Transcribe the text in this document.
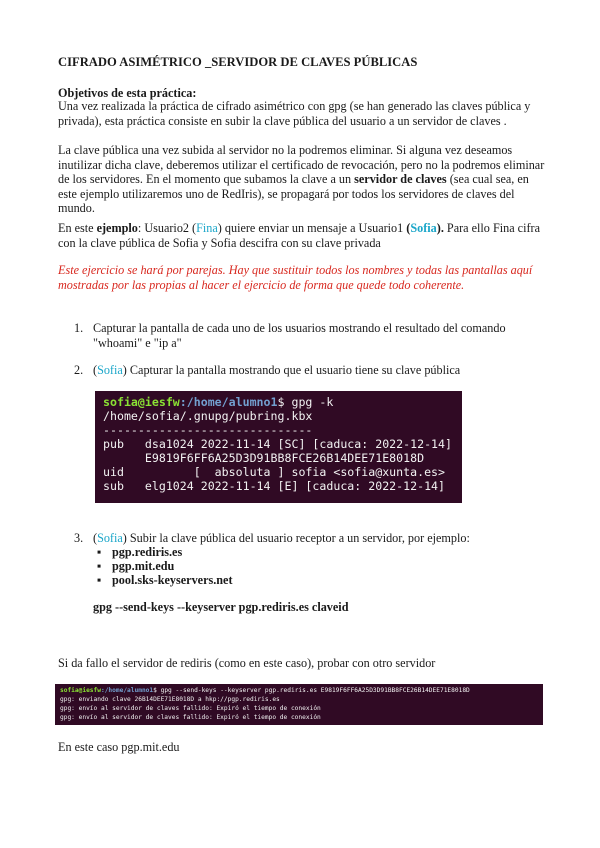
CIFRADO ASIMÉTRICO _SERVIDOR DE CLAVES PÚBLICAS
Objetivos de esta práctica:
Una vez realizada la práctica de cifrado asimétrico con gpg (se han generado las claves pública y privada), esta práctica consiste en subir la clave pública del usuario a un servidor de claves .
La clave pública una vez subida al servidor no la podremos eliminar. Si alguna vez deseamos inutilizar dicha clave, deberemos utilizar el certificado de revocación, pero no la podremos eliminar de los servidores. En el momento que subamos la clave a un servidor de claves (sea cual sea, en este ejemplo utilizaremos uno de RedIris), se propagará por todos los servidores de claves del mundo.
En este ejemplo: Usuario2 (Fina) quiere enviar un mensaje a Usuario1 (Sofia). Para ello Fina cifra con la clave pública de Sofia y Sofia descifra con su clave privada
Este ejercicio se hará por parejas. Hay que sustituir todos los nombres y todas las pantallas aquí mostradas por las propias al hacer el ejercicio de forma que quede todo coherente.
1. Capturar la pantalla de cada uno de los usuarios mostrando el resultado del comando "whoami" e "ip a"
2. (Sofia) Capturar la pantalla mostrando que el usuario tiene su clave pública
sofia@iesfw:/home/alumno1$ gpg -k
/home/sofia/.gnupg/pubring.kbx
------------------------------
pub   dsa1024 2022-11-14 [SC] [caduca: 2022-12-14]
E9819F6FF6A25D3D91BB8FCE26B14DEE71E8018D
uid          [  absoluta ] sofia <sofia@xunta.es>
sub   elg1024 2022-11-14 [E] [caduca: 2022-12-14]
3. (Sofia) Subir la clave pública del usuario receptor a un servidor, por ejemplo:
▪ pgp.rediris.es
▪ pgp.mit.edu
▪ pool.sks-keyservers.net
gpg --send-keys --keyserver pgp.rediris.es claveid
Si da fallo el servidor de rediris (como en este caso), probar con otro servidor
sofia@iesfw:/home/alumno1$ gpg --send-keys --keyserver pgp.rediris.es E9819F6FF6A25D3D91BB8FCE26B14DEE71E8018D
gpg: enviando clave 26B14DEE71E8018D a hkp://pgp.rediris.es
gpg: envío al servidor de claves fallido: Expiró el tiempo de conexión
gpg: envío al servidor de claves fallido: Expiró el tiempo de conexión
En este caso pgp.mit.edu
